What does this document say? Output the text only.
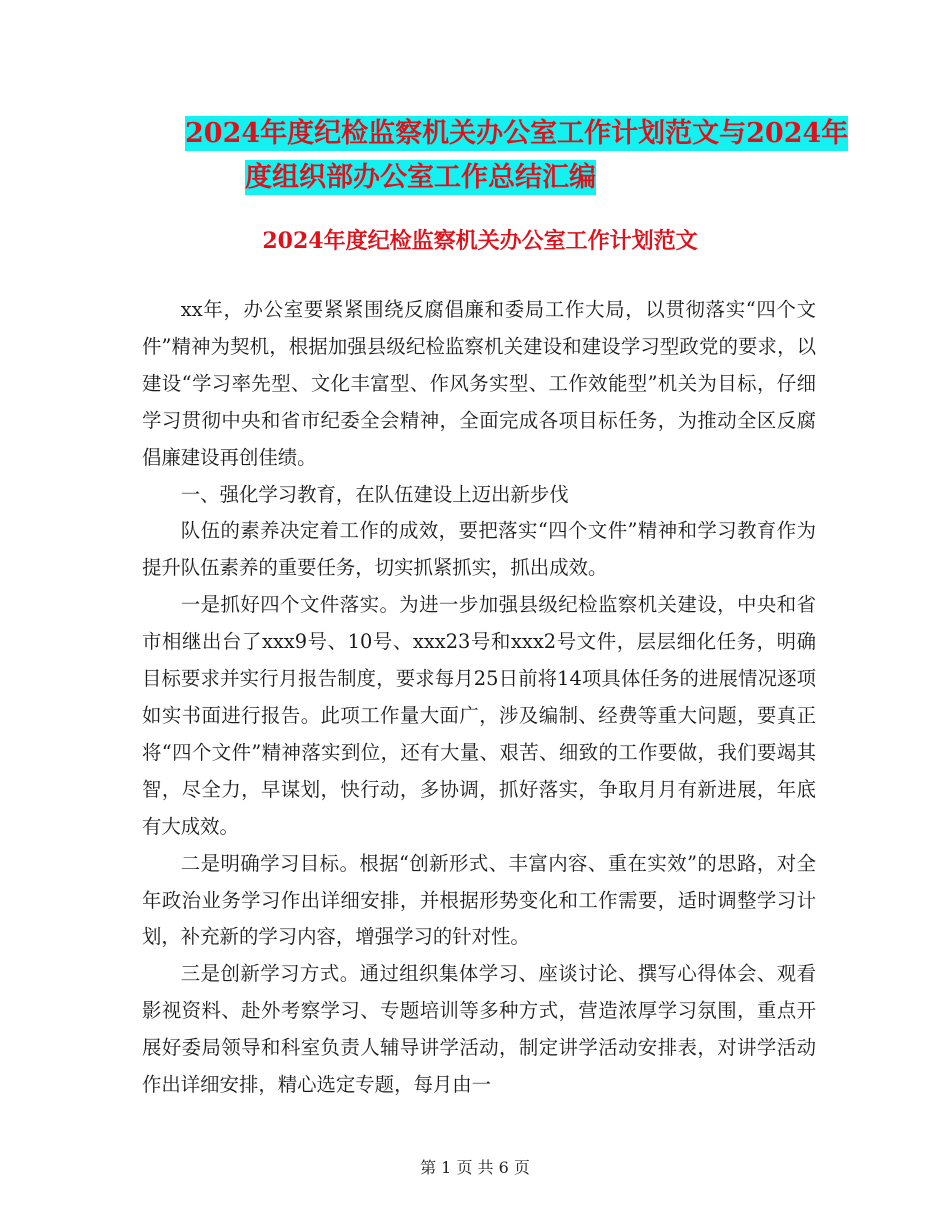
2024年度纪检监察机关办公室工作计划范文与2024年
度组织部办公室工作总结汇编
2024年度纪检监察机关办公室工作计划范文

xx年，办公室要紧紧围绕反腐倡廉和委局工作大局，以贯彻落实“四个文件”精神为契机，根据加强县级纪检监察机关建设和建设学习型政党的要求，以建设“学习率先型、文化丰富型、作风务实型、工作效能型”机关为目标，仔细学习贯彻中央和省市纪委全会精神，全面完成各项目标任务，为推动全区反腐倡廉建设再创佳绩。

一、强化学习教育，在队伍建设上迈出新步伐

队伍的素养决定着工作的成效，要把落实“四个文件”精神和学习教育作为提升队伍素养的重要任务，切实抓紧抓实，抓出成效。

一是抓好四个文件落实。为进一步加强县级纪检监察机关建设，中央和省市相继出台了xxx9号、10号、xxx23号和xxx2号文件，层层细化任务，明确目标要求并实行月报告制度，要求每月25日前将14项具体任务的进展情况逐项如实书面进行报告。此项工作量大面广，涉及编制、经费等重大问题，要真正将“四个文件”精神落实到位，还有大量、艰苦、细致的工作要做，我们要竭其智，尽全力，早谋划，快行动，多协调，抓好落实，争取月月有新进展，年底有大成效。

二是明确学习目标。根据“创新形式、丰富内容、重在实效”的思路，对全年政治业务学习作出详细安排，并根据形势变化和工作需要，适时调整学习计划，补充新的学习内容，增强学习的针对性。

三是创新学习方式。通过组织集体学习、座谈讨论、撰写心得体会、观看影视资料、赴外考察学习、专题培训等多种方式，营造浓厚学习氛围，重点开展好委局领导和科室负责人辅导讲学活动，制定讲学活动安排表，对讲学活动作出详细安排，精心选定专题，每月由一

第 1 页 共 6 页
